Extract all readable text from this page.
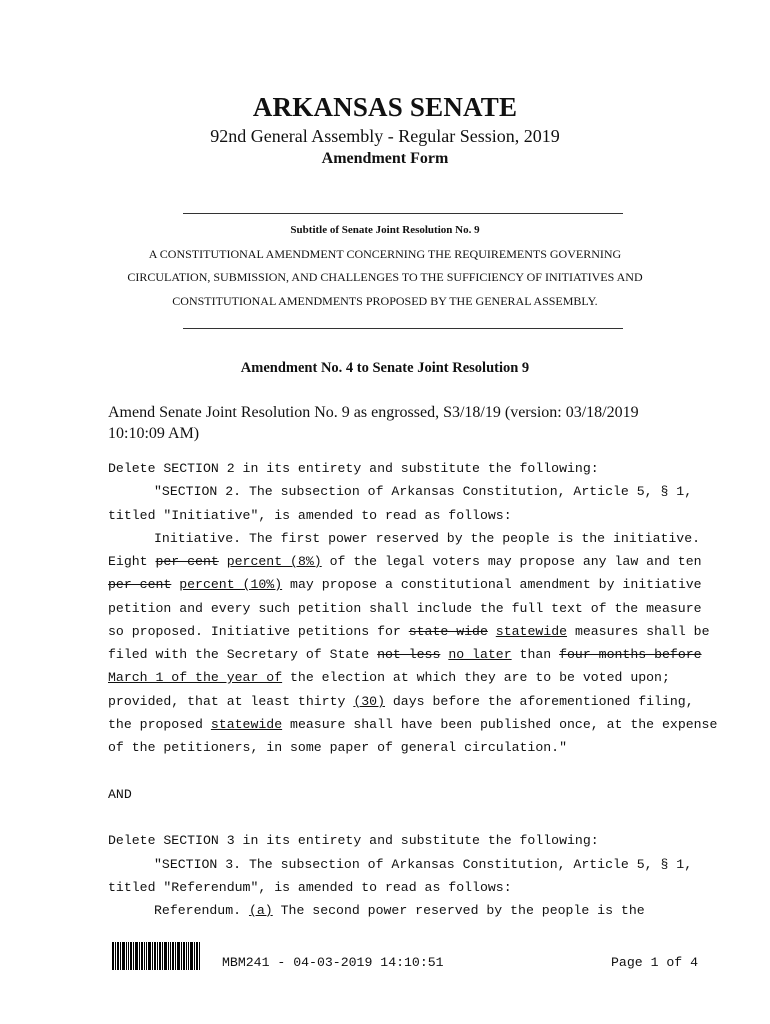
ARKANSAS SENATE
92nd General Assembly - Regular Session, 2019
Amendment Form
Subtitle of Senate Joint Resolution No. 9
A CONSTITUTIONAL AMENDMENT CONCERNING THE REQUIREMENTS GOVERNING
CIRCULATION, SUBMISSION, AND CHALLENGES TO THE SUFFICIENCY OF INITIATIVES AND
CONSTITUTIONAL AMENDMENTS PROPOSED BY THE GENERAL ASSEMBLY.
Amendment No. 4 to Senate Joint Resolution 9
Amend Senate Joint Resolution No. 9 as engrossed, S3/18/19 (version: 03/18/2019 10:10:09 AM)
Delete SECTION 2 in its entirety and substitute the following:
"SECTION 2. The subsection of Arkansas Constitution, Article 5, § 1,
titled "Initiative", is amended to read as follows:
Initiative. The first power reserved by the people is the initiative.
Eight per cent percent (8%) of the legal voters may propose any law and ten
per cent percent (10%) may propose a constitutional amendment by initiative
petition and every such petition shall include the full text of the measure
so proposed. Initiative petitions for state-wide statewide measures shall be
filed with the Secretary of State not less no later than four months before
March 1 of the year of the election at which they are to be voted upon;
provided, that at least thirty (30) days before the aforementioned filing,
the proposed statewide measure shall have been published once, at the expense
of the petitioners, in some paper of general circulation."
AND
Delete SECTION 3 in its entirety and substitute the following:
"SECTION 3. The subsection of Arkansas Constitution, Article 5, § 1,
titled "Referendum", is amended to read as follows:
Referendum. (a) The second power reserved by the people is the
MBM241 - 04-03-2019 14:10:51	Page 1 of 4
